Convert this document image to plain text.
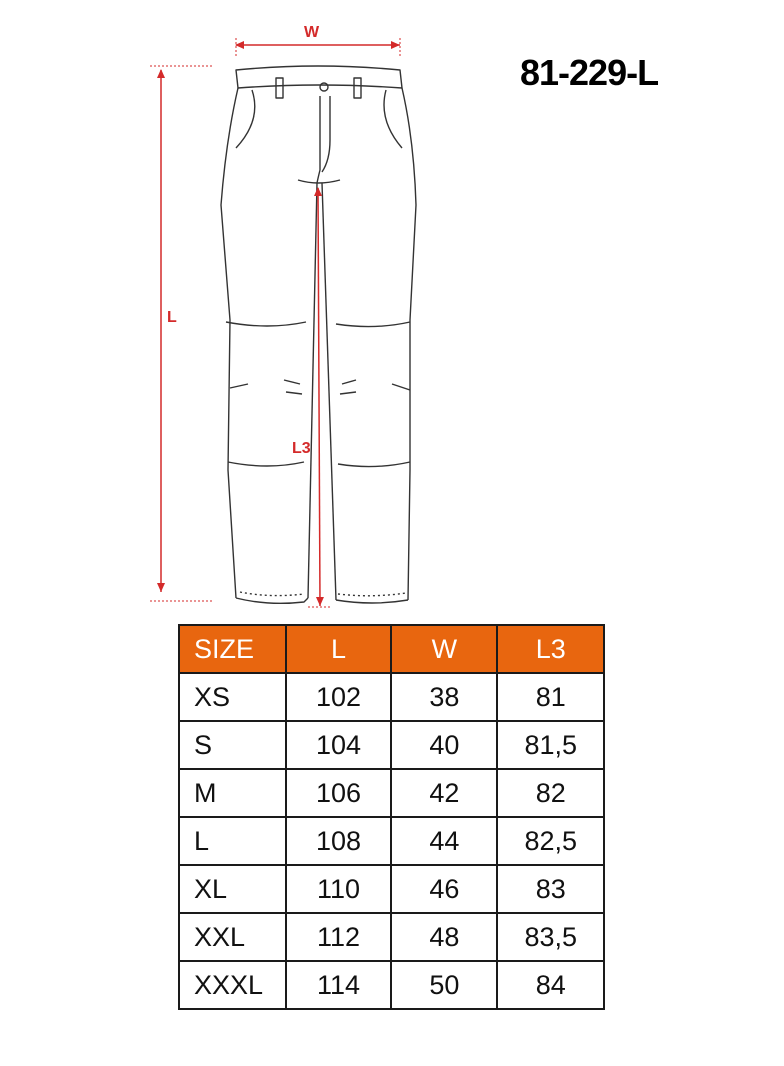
81-229-L
W
L
L3
SIZE	L	W	L3
XS	102	38	81
S	104	40	81,5
M	106	42	82
L	108	44	82,5
XL	110	46	83
XXL	112	48	83,5
XXXL	114	50	84
